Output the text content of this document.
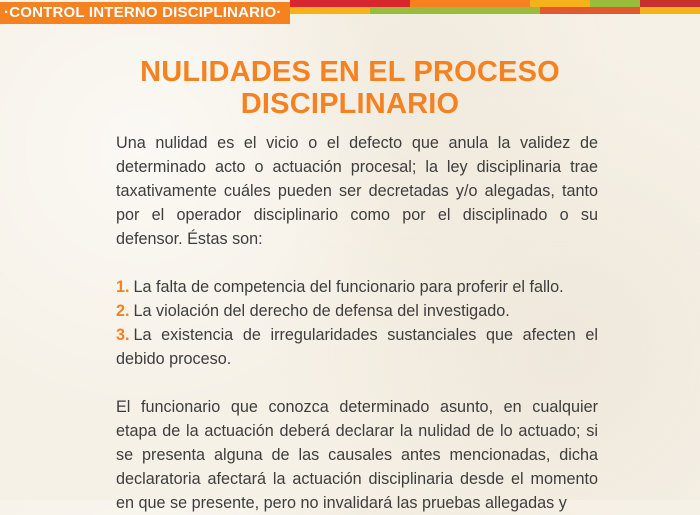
·CONTROL INTERNO DISCIPLINARIO·
NULIDADES EN EL PROCESO
DISCIPLINARIO

Una nulidad es el vicio o el defecto que anula la validez de determinado acto o actuación procesal; la ley disciplinaria trae taxativamente cuáles pueden ser decretadas y/o alegadas, tanto por el operador disciplinario como por el disciplinado o su defensor. Éstas son:

1. La falta de competencia del funcionario para proferir el fallo.

2. La violación del derecho de defensa del investigado.

3. La existencia de irregularidades sustanciales que afecten el debido proceso.

El funcionario que conozca determinado asunto, en cualquier etapa de la actuación deberá declarar la nulidad de lo actuado; si se presenta alguna de las causales antes mencionadas, dicha declaratoria afectará la actuación disciplinaria desde el momento en que se presente, pero no invalidará las pruebas allegadas y
